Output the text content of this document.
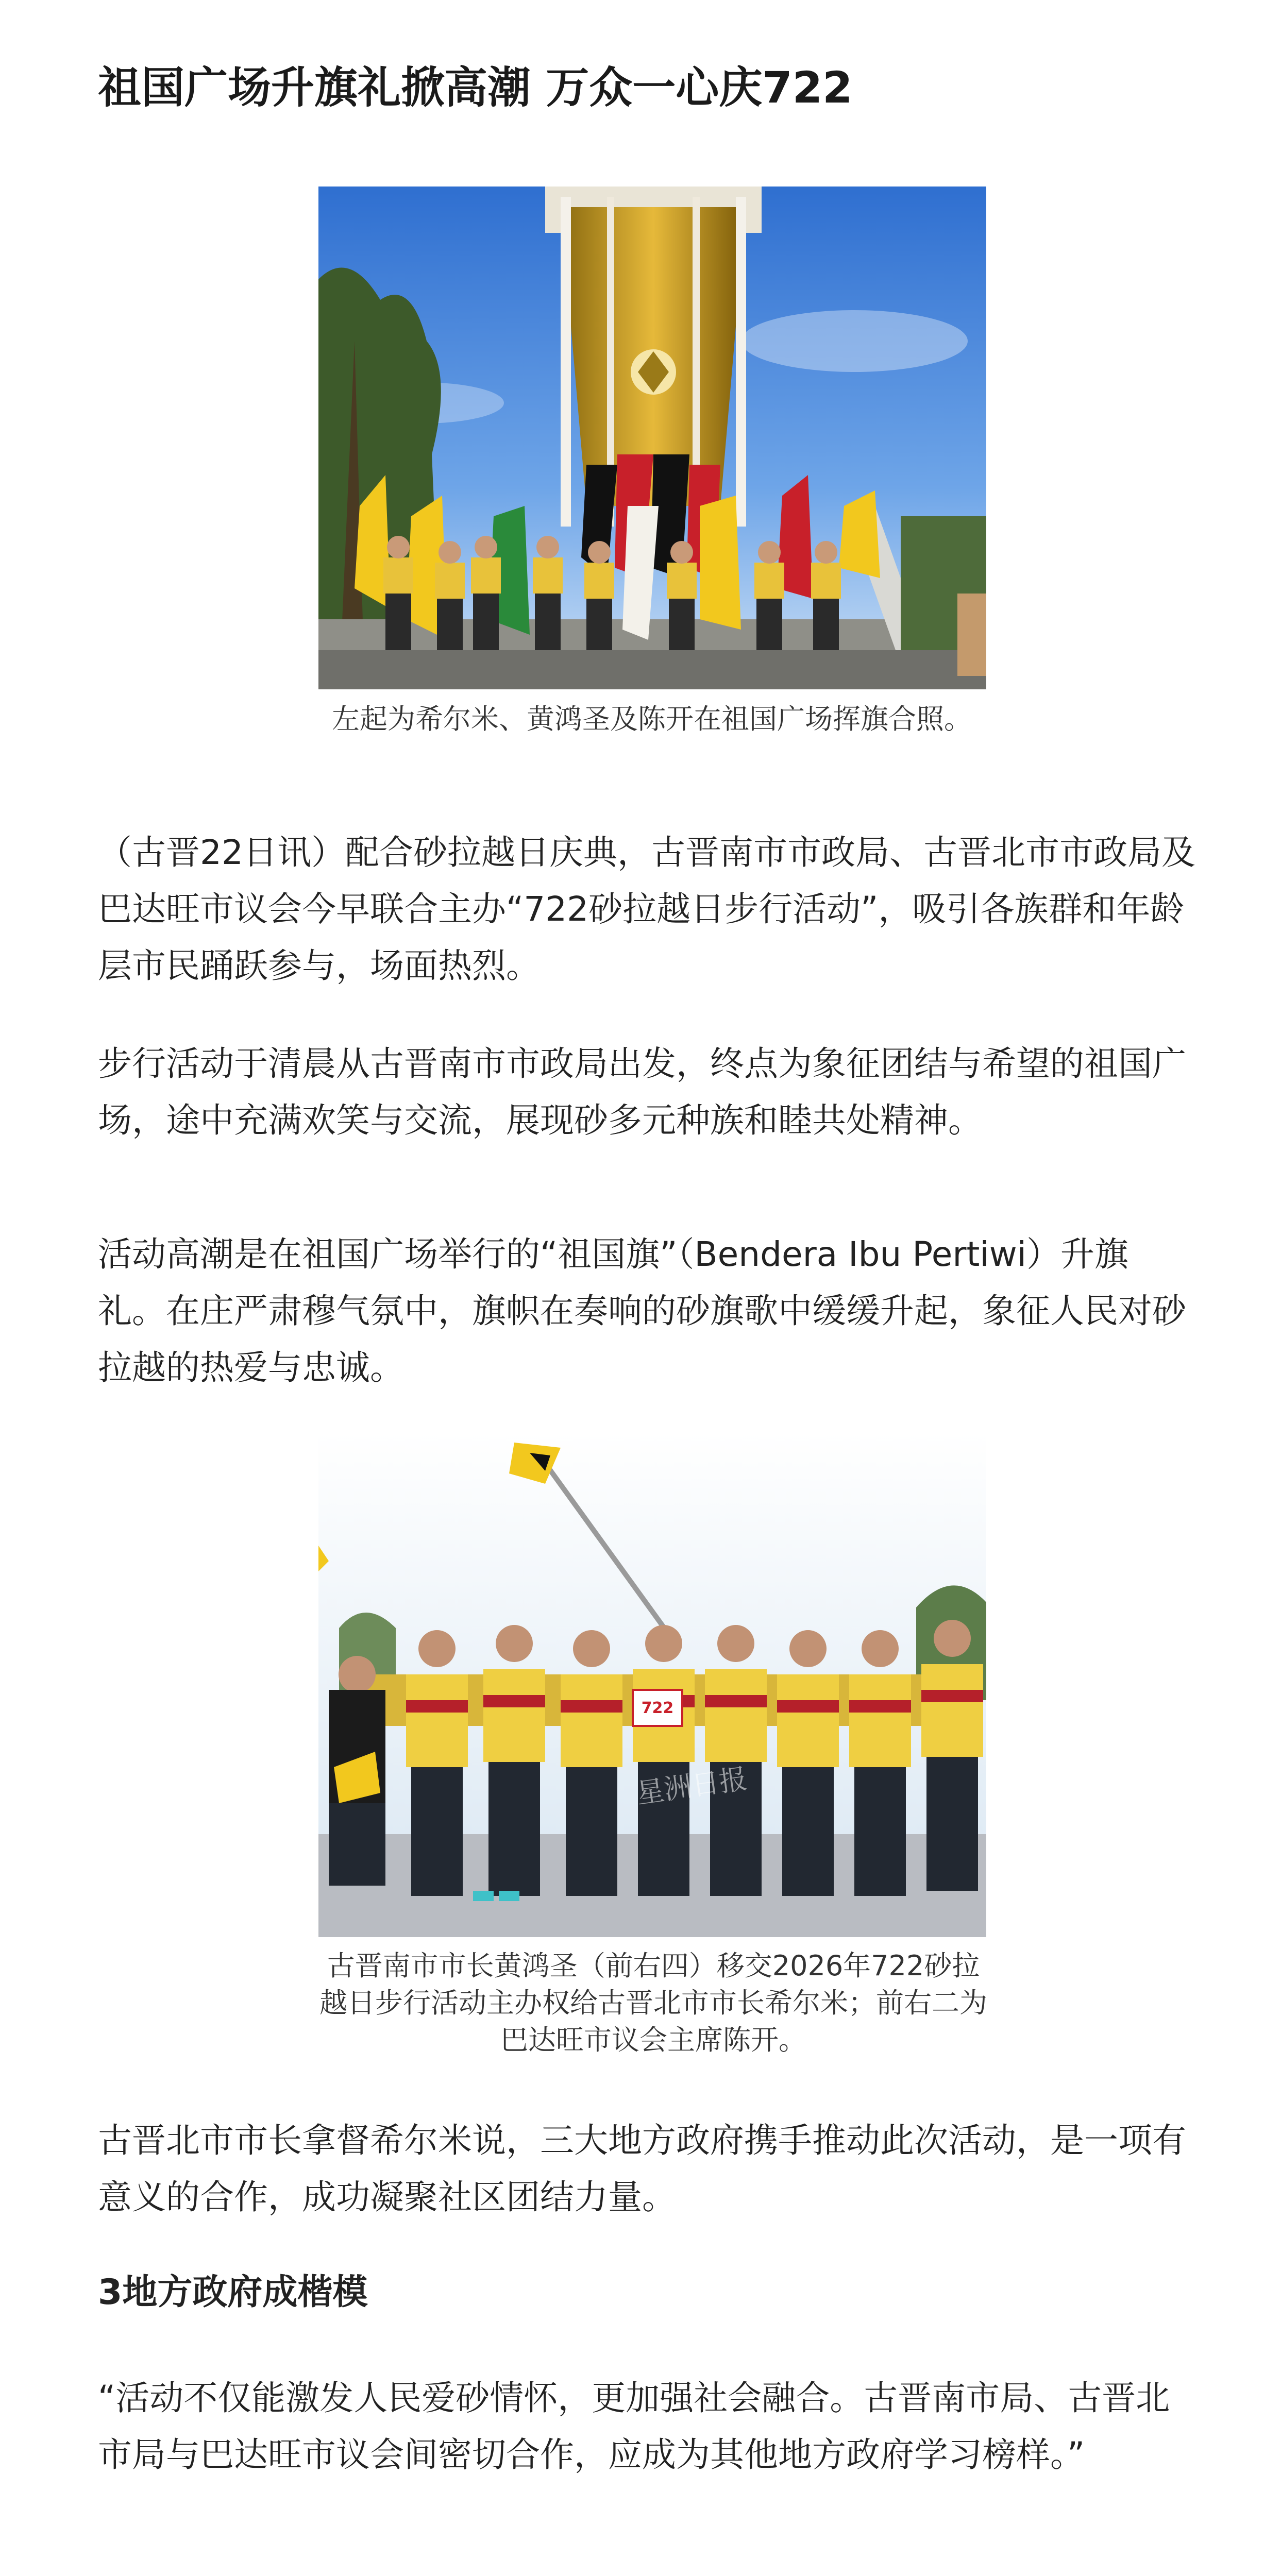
祖国广场升旗礼掀高潮 万众一心庆722

左起为希尔米、黄鸿圣及陈开在祖国广场挥旗合照。

（古晋22日讯）配合砂拉越日庆典，古晋南市市政局、古晋北市市政局及巴达旺市议会今早联合主办“722砂拉越日步行活动”，吸引各族群和年龄层市民踊跃参与，场面热烈。

步行活动于清晨从古晋南市市政局出发，终点为象征团结与希望的祖国广场，途中充满欢笑与交流，展现砂多元种族和睦共处精神。

活动高潮是在祖国广场举行的“祖国旗”（Bendera Ibu Pertiwi）升旗礼。在庄严肃穆气氛中，旗帜在奏响的砂旗歌中缓缓升起，象征人民对砂拉越的热爱与忠诚。

722
星洲日报

古晋南市市长黄鸿圣（前右四）移交2026年722砂拉越日步行活动主办权给古晋北市市长希尔米；前右二为巴达旺市议会主席陈开。

古晋北市市长拿督希尔米说，三大地方政府携手推动此次活动，是一项有意义的合作，成功凝聚社区团结力量。

3地方政府成楷模

“活动不仅能激发人民爱砂情怀，更加强社会融合。古晋南市局、古晋北市局与巴达旺市议会间密切合作，应成为其他地方政府学习榜样。”
